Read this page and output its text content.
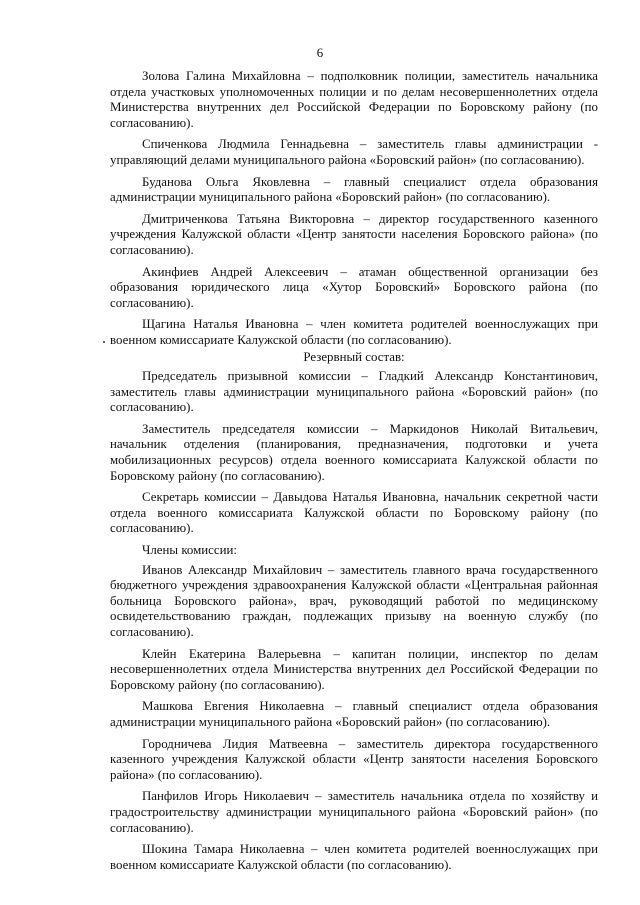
6

Золова Галина Михайловна – подполковник полиции, заместитель начальника отдела участковых уполномоченных полиции и по делам несовершеннолетних отдела Министерства внутренних дел Российской Федерации по Боровскому району (по согласованию).

Спиченкова Людмила Геннадьевна – заместитель главы администрации - управляющий делами муниципального района «Боровский район» (по согласованию).

Буданова Ольга Яковлевна – главный специалист отдела образования администрации муниципального района «Боровский район» (по согласованию).

Дмитриченкова Татьяна Викторовна – директор государственного казенного учреждения Калужской области «Центр занятости населения Боровского района» (по согласованию).

Акинфиев Андрей Алексеевич – атаман общественной организации без образования юридического лица «Хутор Боровский» Боровского района (по согласованию).

Щагина Наталья Ивановна – член комитета родителей военнослужащих при военном комиссариате Калужской области (по согласованию).

Резервный состав:

Председатель призывной комиссии – Гладкий Александр Константинович, заместитель главы администрации муниципального района «Боровский район» (по согласованию).

Заместитель председателя комиссии – Маркидонов Николай Витальевич, начальник отделения (планирования, предназначения, подготовки и учета мобилизационных ресурсов) отдела военного комиссариата Калужской области по Боровскому району (по согласованию).

Секретарь комиссии – Давыдова Наталья Ивановна, начальник секретной части отдела военного комиссариата Калужской области по Боровскому району (по согласованию).

Члены комиссии:

Иванов Александр Михайлович – заместитель главного врача государственного бюджетного учреждения здравоохранения Калужской области «Центральная районная больница Боровского района», врач, руководящий работой по медицинскому освидетельствованию граждан, подлежащих призыву на военную службу (по согласованию).

Клейн Екатерина Валерьевна – капитан полиции, инспектор по делам несовершеннолетних отдела Министерства внутренних дел Российской Федерации по Боровскому району (по согласованию).

Машкова Евгения Николаевна – главный специалист отдела образования администрации муниципального района «Боровский район» (по согласованию).

Городничева Лидия Матвеевна – заместитель директора государственного казенного учреждения Калужской области «Центр занятости населения Боровского района» (по согласованию).

Панфилов Игорь Николаевич – заместитель начальника отдела по хозяйству и градостроительству администрации муниципального района «Боровский район» (по согласованию).

Шокина Тамара Николаевна – член комитета родителей военнослужащих при военном комиссариате Калужской области (по согласованию).
